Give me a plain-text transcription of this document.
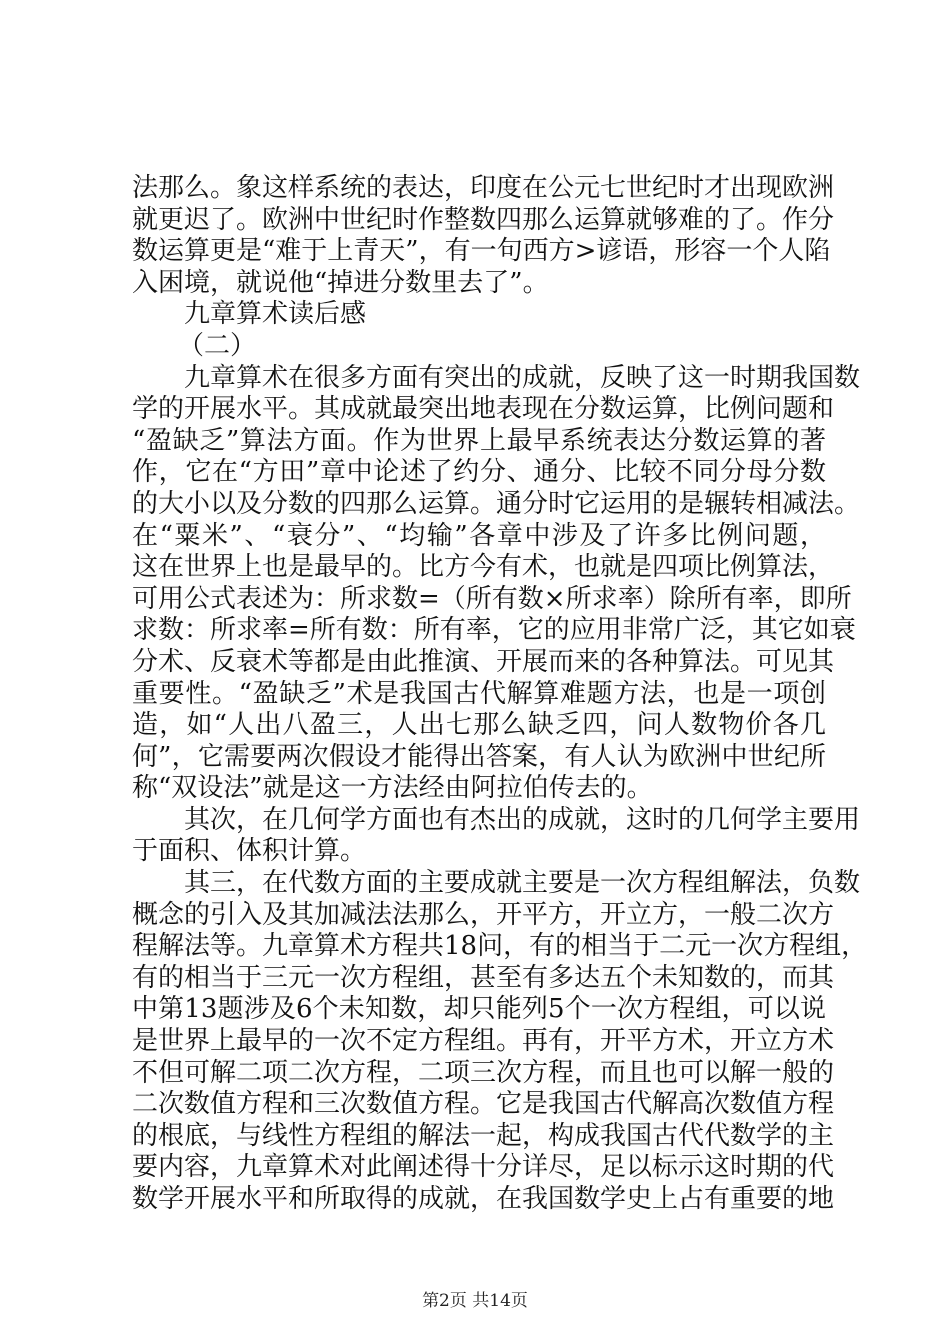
法那么。象这样系统的表达，印度在公元七世纪时才出现欧洲
就更迟了。欧洲中世纪时作整数四那么运算就够难的了。作分
数运算更是“难于上青天”，有一句西方>谚语，形容一个人陷
入困境，就说他“掉进分数里去了”。
九章算术读后感
（二）
九章算术在很多方面有突出的成就，反映了这一时期我国数
学的开展水平。其成就最突出地表现在分数运算，比例问题和
“盈缺乏”算法方面。作为世界上最早系统表达分数运算的著
作，它在“方田”章中论述了约分、通分、比较不同分母分数
的大小以及分数的四那么运算。通分时它运用的是辗转相减法。
在“粟米”、“衰分”、“均输”各章中涉及了许多比例问题，
这在世界上也是最早的。比方今有术，也就是四项比例算法，
可用公式表述为：所求数=（所有数×所求率）除所有率，即所
求数：所求率=所有数：所有率，它的应用非常广泛，其它如衰
分术、反衰术等都是由此推演、开展而来的各种算法。可见其
重要性。“盈缺乏”术是我国古代解算难题方法，也是一项创
造，如“人出八盈三，人出七那么缺乏四，问人数物价各几
何”，它需要两次假设才能得出答案，有人认为欧洲中世纪所
称“双设法”就是这一方法经由阿拉伯传去的。
其次，在几何学方面也有杰出的成就，这时的几何学主要用
于面积、体积计算。
其三，在代数方面的主要成就主要是一次方程组解法，负数
概念的引入及其加减法法那么，开平方，开立方，一般二次方
程解法等。九章算术方程共18问，有的相当于二元一次方程组，
有的相当于三元一次方程组，甚至有多达五个未知数的，而其
中第13题涉及6个未知数，却只能列5个一次方程组，可以说
是世界上最早的一次不定方程组。再有，开平方术，开立方术
不但可解二项二次方程，二项三次方程，而且也可以解一般的
二次数值方程和三次数值方程。它是我国古代解高次数值方程
的根底，与线性方程组的解法一起，构成我国古代代数学的主
要内容，九章算术对此阐述得十分详尽，足以标示这时期的代
数学开展水平和所取得的成就，在我国数学史上占有重要的地
第2页 共14页
